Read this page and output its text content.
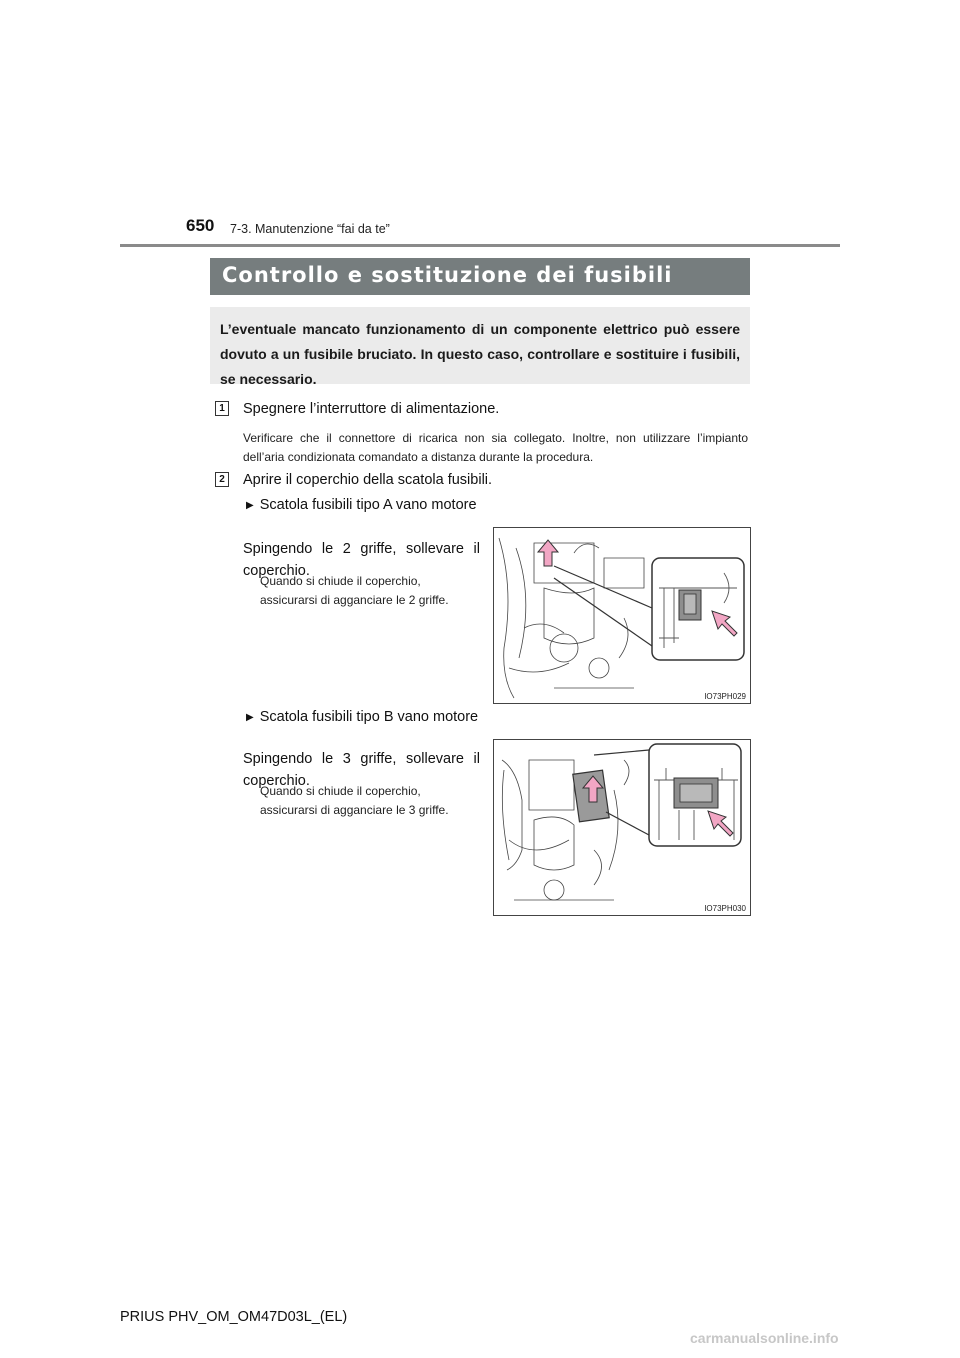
650 7-3. Manutenzione “fai da te”
Controllo e sostituzione dei fusibili

L’eventuale mancato funzionamento di un componente elettrico può essere dovuto a un fusibile bruciato. In questo caso, controllare e sostituire i fusibili, se necessario.

1 Spegnere l’interruttore di alimentazione.
Verificare che il connettore di ricarica non sia collegato. Inoltre, non utilizzare l’impianto dell’aria condizionata comandato a distanza durante la procedura.
2 Aprire il coperchio della scatola fusibili.
▶ Scatola fusibili tipo A vano motore
Spingendo le 2 griffe, sollevare il coperchio.
Quando si chiude il coperchio, assicurarsi di agganciare le 2 griffe.
IO73PH029
▶ Scatola fusibili tipo B vano motore
Spingendo le 3 griffe, sollevare il coperchio.
Quando si chiude il coperchio, assicurarsi di agganciare le 3 griffe.
IO73PH030
PRIUS PHV_OM_OM47D03L_(EL)
carmanualsonline.info
